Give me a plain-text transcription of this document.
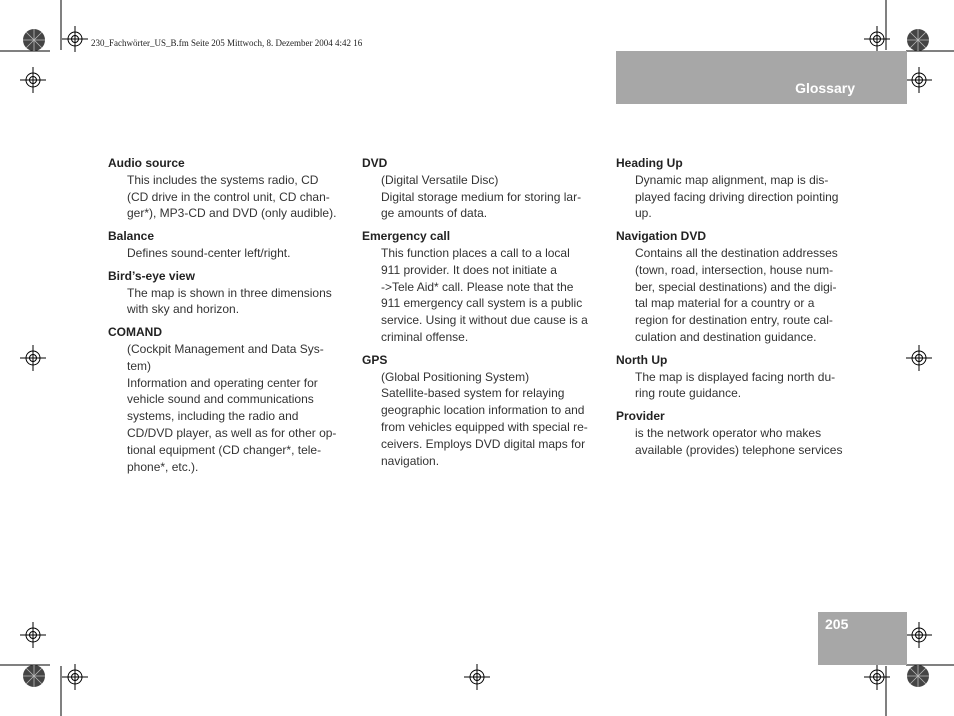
230_Fachwörter_US_B.fm Seite 205 Mittwoch, 8. Dezember 2004 4:42 16
Glossary
205
Audio source
This includes the systems radio, CD
(CD drive in the control unit, CD chan-
ger*), MP3-CD and DVD (only audible).
Balance
Defines sound-center left/right.
Bird’s-eye view
The map is shown in three dimensions
with sky and horizon.
COMAND
(Cockpit Management and Data Sys-
tem)
Information and operating center for
vehicle sound and communications
systems, including the radio and
CD/DVD player, as well as for other op-
tional equipment (CD changer*, tele-
phone*, etc.).
DVD
(Digital Versatile Disc)
Digital storage medium for storing lar-
ge amounts of data.
Emergency call
This function places a call to a local
911 provider. It does not initiate a
->Tele Aid* call. Please note that the
911 emergency call system is a public
service. Using it without due cause is a
criminal offense.
GPS
(Global Positioning System)
Satellite-based system for relaying
geographic location information to and
from vehicles equipped with special re-
ceivers. Employs DVD digital maps for
navigation.
Heading Up
Dynamic map alignment, map is dis-
played facing driving direction pointing
up.
Navigation DVD
Contains all the destination addresses
(town, road, intersection, house num-
ber, special destinations) and the digi-
tal map material for a country or a
region for destination entry, route cal-
culation and destination guidance.
North Up
The map is displayed facing north du-
ring route guidance.
Provider
is the network operator who makes
available (provides) telephone services
